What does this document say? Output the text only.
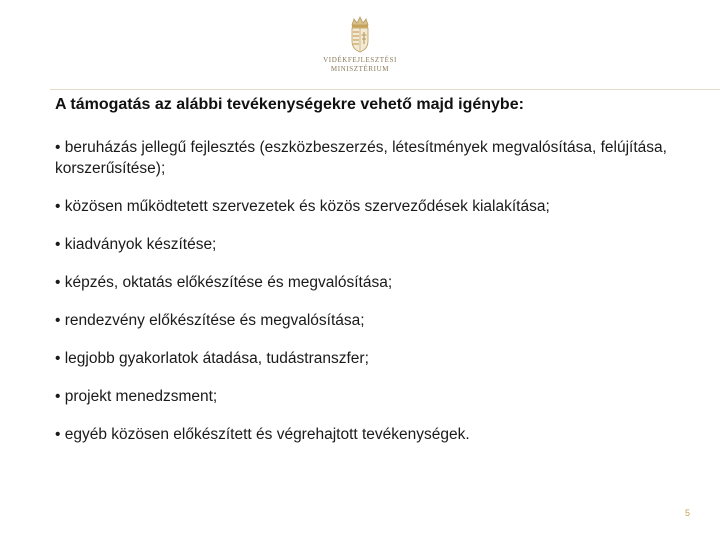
VIDÉKFEJLESZTÉSI
MINISZTÉRIUM
A támogatás az alábbi tevékenységekre vehető majd igénybe:
• beruházás jellegű fejlesztés (eszközbeszerzés, létesítmények megvalósítása, felújítása, korszerűsítése);
• közösen működtetett szervezetek és közös szerveződések kialakítása;
• kiadványok készítése;
• képzés, oktatás előkészítése és megvalósítása;
• rendezvény előkészítése és megvalósítása;
• legjobb gyakorlatok átadása, tudástranszfer;
• projekt menedzsment;
• egyéb közösen előkészített és végrehajtott tevékenységek.
5
